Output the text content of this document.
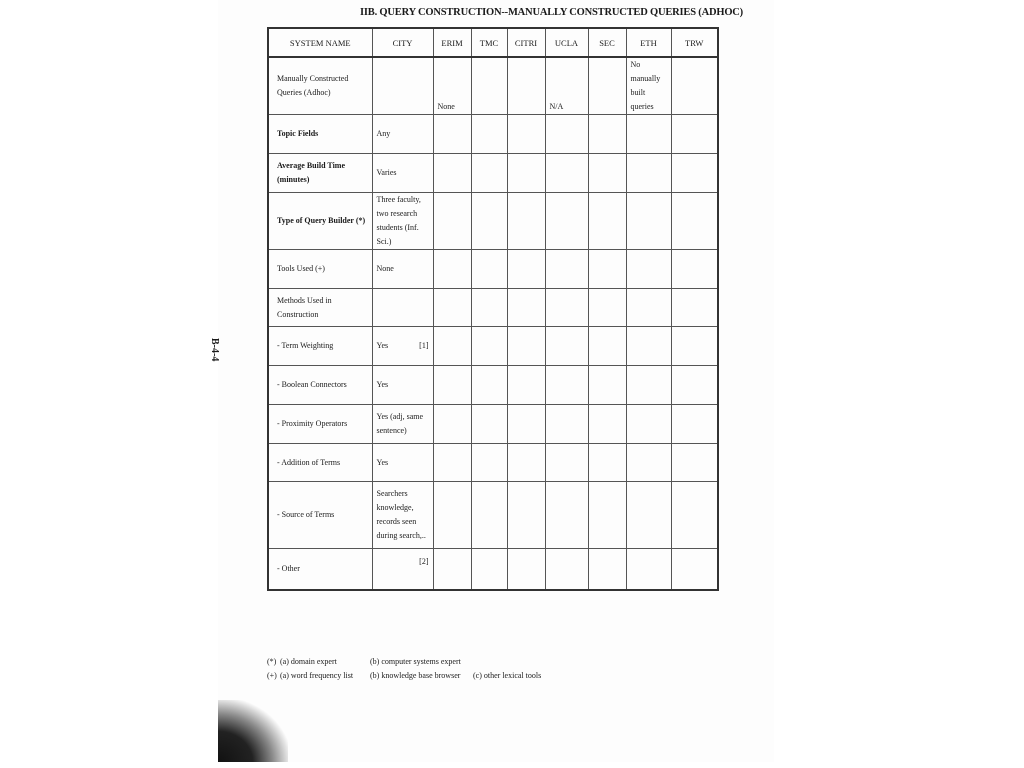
IIB. QUERY CONSTRUCTION--MANUALLY CONSTRUCTED QUERIES (ADHOC)
B-4-4
SYSTEM NAME	CITY	ERIM	TMC	CITRI	UCLA	SEC	ETH	TRW
Manually Constructed Queries (Adhoc)		None			N/A		No manually built queries	
Topic Fields	Any							

Average Build Time (minutes)	Varies							

Type of Query Builder (*)	Three faculty, two research students (Inf. Sci.)							

Tools Used (+)	None							

Methods Used in Construction	

- Term Weighting	Yes [1]							

- Boolean Connectors	Yes							

- Proximity Operators	Yes (adj, same sentence)							

- Addition of Terms	Yes							

- Source of Terms	Searchers knowledge, records seen during search,..							

- Other	[2]							

(*) (a) domain expert	(b) computer systems expert
(+) (a) word frequency list (b) knowledge base browser (c) other lexical tools
